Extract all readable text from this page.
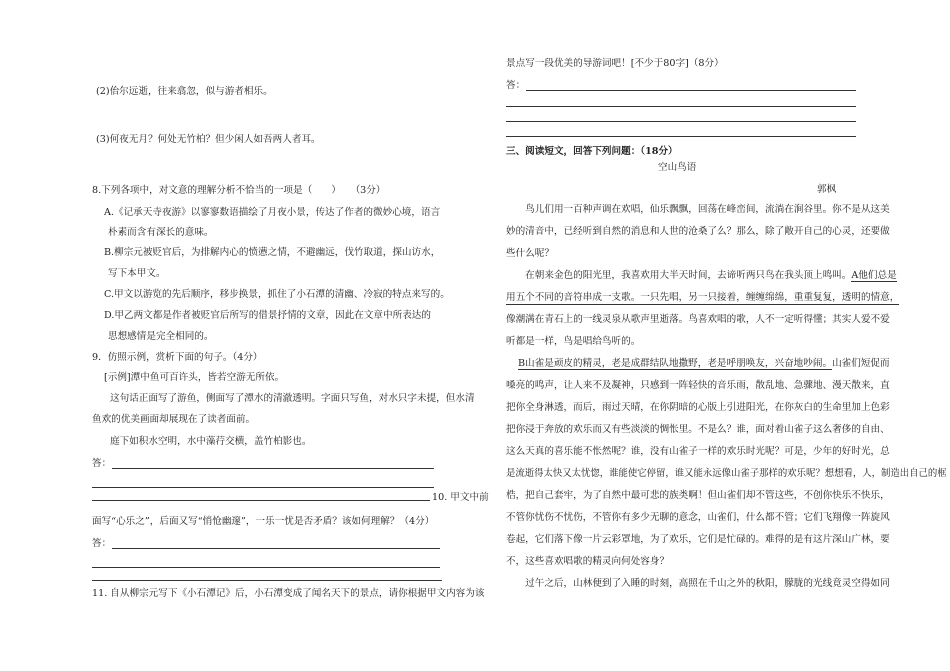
(2)佁尔远逝，往来翕忽，似与游者相乐。
(3)何夜无月？何处无竹柏？但少闲人如吾两人者耳。
8.下列各项中，对文意的理解分析不恰当的一项是（　　）　　（3分）
A.《记承天寺夜游》以寥寥数语描绘了月夜小景，传达了作者的微妙心境，语言
朴素而含有深长的意味。
B.柳宗元被贬官后，为排解内心的愤懑之情，不避幽远，伐竹取道，探山访水，
写下本甲文。
C.甲文以游览的先后顺序，移步换景，抓住了小石潭的清幽、冷寂的特点来写的。
D.甲乙两文都是作者被贬官后所写的借景抒情的文章，因此在文章中所表达的
思想感情是完全相同的。
9．仿照示例，赏析下面的句子。（4分）
[示例]潭中鱼可百许头，皆若空游无所依。
这句话正面写了游鱼，侧面写了潭水的清澈透明。字面只写鱼，对水只字未提，但水清
鱼欢的优美画面却展现在了读者面前。
庭下如积水空明，水中藻荇交横，盖竹柏影也。
答：
10. 甲文中前
面写“心乐之”，后面又写“悄怆幽邃”，一乐一忧是否矛盾？该如何理解？（4分）
答：
11. 自从柳宗元写下《小石潭记》后，小石潭变成了闻名天下的景点，请你根据甲文内容为该
景点写一段优美的导游词吧！[不少于80字]（8分）
答：
三、阅读短文，回答下列问题：（18分）
空山鸟语
郭枫
　　鸟儿们用一百种声调在欢唱，仙乐飘飘，回荡在峰峦间，流淌在涧谷里。你不是从这美
妙的清音中，已经听到自然的消息和人世的沧桑了么？那么，除了敞开自己的心灵，还要做
些什么呢？
　　在朝来金色的阳光里，我喜欢用大半天时间，去谛听两只鸟在我头顶上鸣叫。A他们总是
用五个不同的音符串成一支歌。一只先唱，另一只接着，缠缠绵绵，重重复复，透明的情意，
像潮满在青石上的一线灵泉从歌声里逝落。鸟喜欢唱的歌，人不一定听得懂；其实人爱不爱
听都是一样，鸟是唱给鸟听的。
B山雀是顽皮的精灵，老是成群结队地撒野，老是呼朋唤友，兴奋地吵闹。山雀们短促而
嗓亮的鸣声，让人来不及凝神，只感到一阵轻快的音乐雨，散乱地、急骤地、漫天散来，直
把你全身淋透，而后，雨过天晴，在你阴暗的心版上引进阳光，在你灰白的生命里加上色彩
把你浸于奔放的欢乐而又有些淡淡的惆怅里。不是么？谁，面对着山雀子这么奢侈的自由、
这么天真的喜乐能不怅然呢？谁，没有山雀子一样的欢乐时光呢？可是，少年的好时光，总
是流逝得太快又太忧惚，谁能使它停留，谁又能永远像山雀子那样的欢乐呢？想想看，人，制造出自己的框
梏，把自己套牢，为了自然中最可悲的族类啊！但山雀们却不管这些，不创你快乐不快乐，
不管你忧伤不忧伤，不管你有多少无聊的意念，山雀们，什么都不管；它们飞翔像一阵旋风
卷起，它们落下像一片云彩罩地，为了欢乐，它们是忙碌的。难得的是有这片深山广林，要
不，这些喜欢唱歌的精灵向何处容身？
　　过午之后，山林便到了入睡的时刻，高照在千山之外的秋阳，朦胧的光线竟灵空得如同
